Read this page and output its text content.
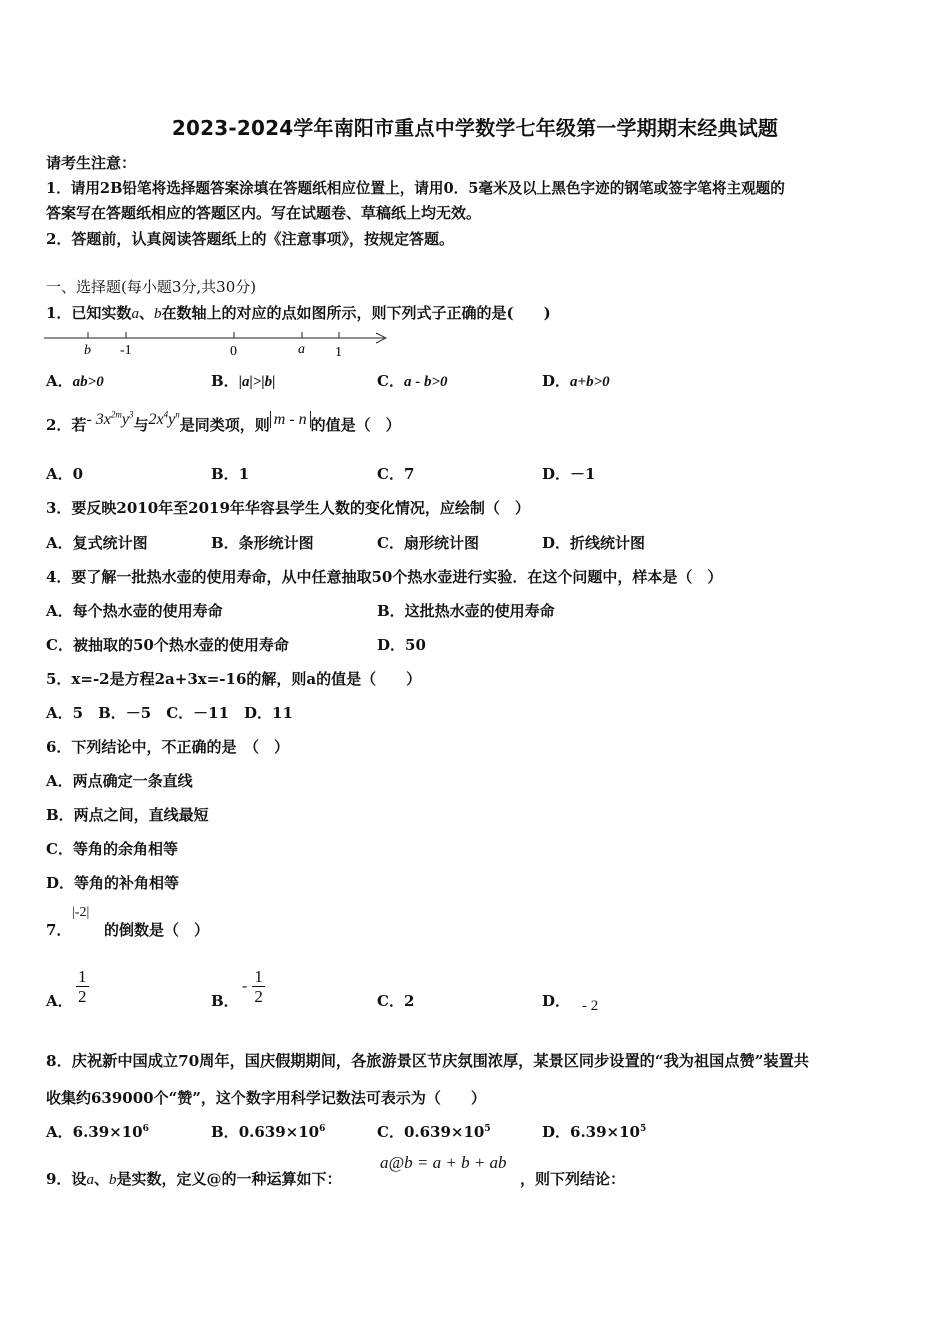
2023-2024学年南阳市重点中学数学七年级第一学期期末经典试题
请考生注意：
1．请用2B铅笔将选择题答案涂填在答题纸相应位置上，请用0．5毫米及以上黑色字迹的钢笔或签字笔将主观题的
答案写在答题纸相应的答题区内。写在试题卷、草稿纸上均无效。
2．答题前，认真阅读答题纸上的《注意事项》，按规定答题。
一、选择题(每小题3分,共30分)
1．已知实数a、b在数轴上的对应的点如图所示，则下列式子正确的是(　　)
b -1	0	a 1
A．ab>0	B．|a|>|b|	C．a - b>0	D．a+b>0
2．若- $3x^{2m}y^3$与$2x^4y^n$是同类项，则 m - n 的值是（　）
A．0	B．1	C．7	D．－1
3．要反映2010年至2019年华容县学生人数的变化情况，应绘制（　）
A．复式统计图	B．条形统计图	C．扇形统计图	D．折线统计图
4．要了解一批热水壶的使用寿命，从中任意抽取50个热水壶进行实验．在这个问题中，样本是（　）
A．每个热水壶的使用寿命	B．这批热水壶的使用寿命
C．被抽取的50个热水壶的使用寿命	D．50
5．x=-2是方程2a+3x=-16的解，则a的值是（　　）
A．5　B．－5　C．－11　D．11
6．下列结论中，不正确的是　（　）
A．两点确定一条直线
B．两点之间，直线最短
C．等角的余角相等
D．等角的补角相等
7．
|-2|
的倒数是（　）
A． $\frac{1}{2}$	B．
- $\frac{1}{2}$	C．2	D． - 2
8．庆祝新中国成立70周年，国庆假期期间，各旅游景区节庆氛围浓厚，某景区同步设置的“我为祖国点赞”装置共
收集约639000个“赞”，这个数字用科学记数法可表示为（　　）
A．$6.39\times 10^6$	B．$0.639\times 10^6$	C．$0.639\times 10^5$	D．$6.39\times 10^5$
9．设a、b是实数，定义@的一种运算如下：
a@b = a + b + ab
，则下列结论：
